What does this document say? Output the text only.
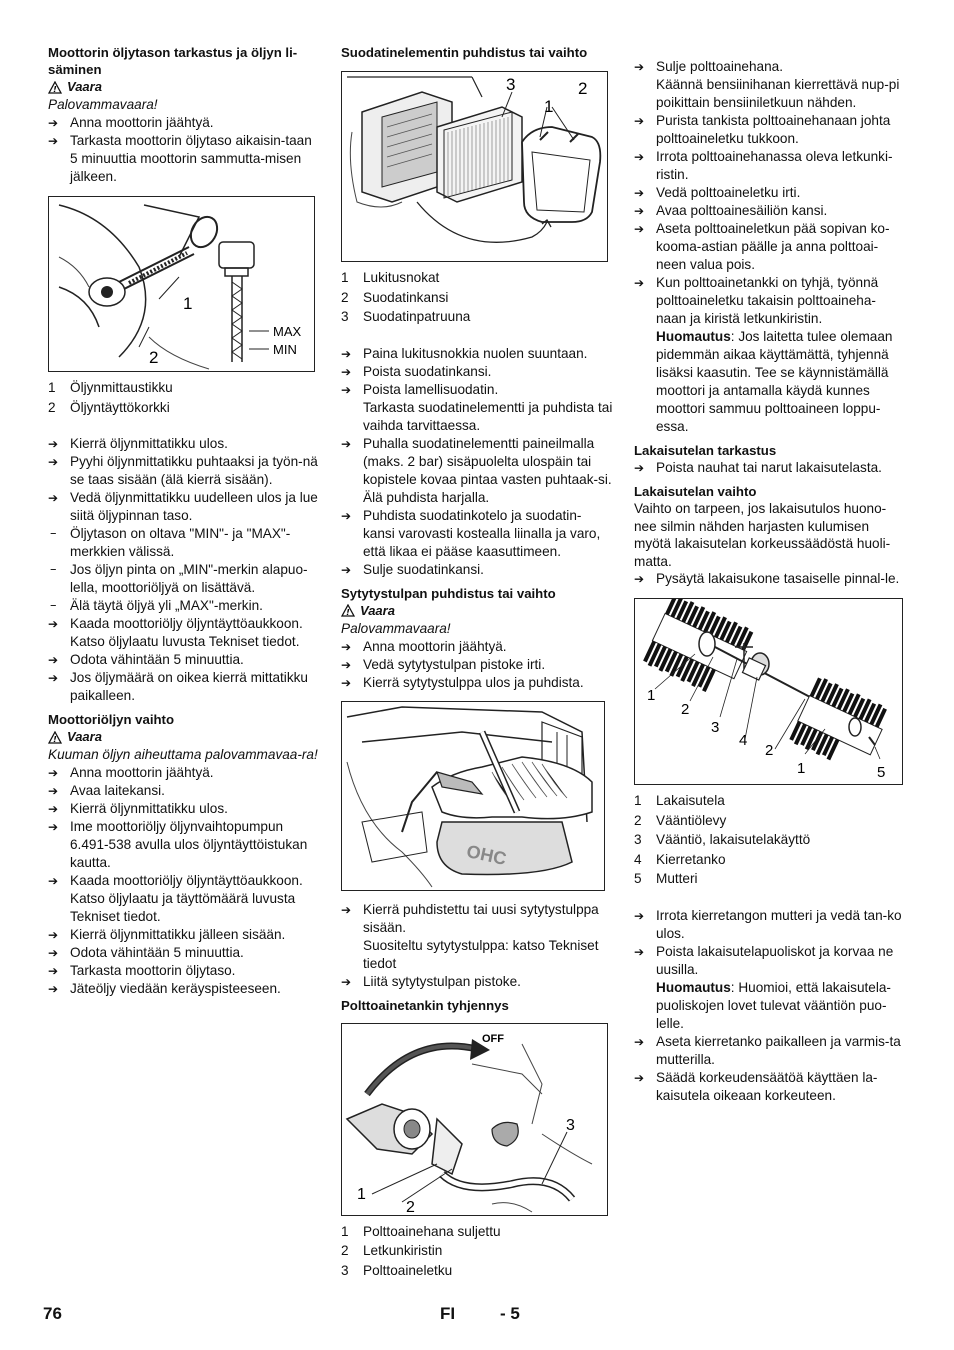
Moottorin öljytason tarkastus ja öljyn li-säminen

! Vaara
Palovammavaara!
➔ Anna moottorin jäähtyä.
➔ Tarkasta moottorin öljytaso aikaisin-taan 5 minuuttia moottorin sammutta-misen jälkeen.
MAX
MIN
1
2
1	Öljynmittaustikku
2	Öljyntäyttökorkki
➔ Kierrä öljynmittatikku ulos.
➔ Pyyhi öljynmittatikku puhtaaksi ja työn-nä se taas sisään (älä kierrä sisään).
➔ Vedä öljynmittatikku uudelleen ulos ja lue siitä öljypinnan taso.
– Öljytason on oltava "MIN"- ja "MAX"-merkkien välissä.
– Jos öljyn pinta on „MIN"-merkin alapuo-lella, moottoriöljyä on lisättävä.
– Älä täytä öljyä yli „MAX"-merkin.
➔ Kaada moottoriöljy öljyntäyttöaukkoon. Katso öljylaatu luvusta Tekniset tiedot.
➔ Odota vähintään 5 minuuttia.
➔ Jos öljymäärä on oikea kierrä mittatikku paikalleen.

Moottoriöljyn vaihto

! Vaara
Kuuman öljyn aiheuttama palovammavaa-ra!
➔ Anna moottorin jäähtyä.
➔ Avaa laitekansi.
➔ Kierrä öljynmittatikku ulos.
➔ Ime moottoriöljy öljynvaihtopumpun 6.491-538 avulla ulos öljyntäyttöistukan kautta.
➔ Kaada moottoriöljy öljyntäyttöaukkoon. Katso öljylaatu ja täyttömäärä luvusta Tekniset tiedot.
➔ Kierrä öljynmittatikku jälleen sisään.
➔ Odota vähintään 5 minuuttia.
➔ Tarkasta moottorin öljytaso.
➔ Jäteöljy viedään keräyspisteeseen.

Suodatinelementin puhdistus tai vaihto

3	2
1
1	Lukitusnokat
2	Suodatinkansi
3	Suodatinpatruuna
➔ Paina lukitusnokkia nuolen suuntaan.
➔ Poista suodatinkansi.
➔ Poista lamellisuodatin.
Tarkasta suodatinelementti ja puhdista tai vaihda tarvittaessa.
➔ Puhalla suodatinelementti paineilmalla (maks. 2 bar) sisäpuolelta ulospäin tai kopistele kovaa pintaa vasten puhtaak-si. Älä puhdista harjalla.
➔ Puhdista suodatinkotelo ja suodatin-kansi varovasti kostealla liinalla ja varo, että likaa ei pääse kaasuttimeen.
➔ Sulje suodatinkansi.

Sytytystulpan puhdistus tai vaihto

! Vaara
Palovammavaara!
➔ Anna moottorin jäähtyä.
➔ Vedä sytytystulpan pistoke irti.
➔ Kierrä sytytystulppa ulos ja puhdista.
OHC
➔ Kierrä puhdistettu tai uusi sytytystulppa sisään.
Suositeltu sytytystulppa: katso Tekniset tiedot
➔ Liitä sytytystulpan pistoke.

Polttoainetankin tyhjennys

OFF
1
2
3
1	Polttoainehana suljettu
2	Letkunkiristin
3	Polttoaineletku
➔ Sulje polttoainehana.
Käännä bensiinihanan kierrettävä nup-pi poikittain bensiiniletkuun nähden.
➔ Purista tankista polttoainehanaan johta polttoaineletku tukkoon.
➔ Irrota polttoainehanassa oleva letkunki-ristin.
➔ Vedä polttoaineletku irti.
➔ Avaa polttoainesäiliön kansi.
➔ Aseta polttoaineletkun pää sopivan ko-kooma-astian päälle ja anna polttoai-neen valua pois.
➔ Kun polttoainetankki on tyhjä, työnnä polttoaineletku takaisin polttoaineha-naan ja kiristä letkunkiristin.
Huomautus: Jos laitetta tulee olemaan pidemmän aikaa käyttämättä, tyhjennä lisäksi kaasutin. Tee se käynnistämällä moottori ja antamalla käydä kunnes moottori sammuu polttoaineen loppu-essa.

Lakaisutelan tarkastus

➔ Poista nauhat tai narut lakaisutelasta.

Lakaisutelan vaihto

Vaihto on tarpeen, jos lakaisutulos huono-nee silmin nähden harjasten kulumisen myötä lakaisutelan korkeussäädöstä huoli-matta.
➔ Pysäytä lakaisukone tasaiselle pinnal-le.
1
2
3
4
2
1	5
1	Lakaisutela
2	Vääntiölevy
3	Vääntiö, lakaisutelakäyttö
4	Kierretanko
5	Mutteri
➔ Irrota kierretangon mutteri ja vedä tan-ko ulos.
➔ Poista lakaisutelapuoliskot ja korvaa ne uusilla.
Huomautus: Huomioi, että lakaisutela-puoliskojen lovet tulevat vääntiön puo-lelle.
➔ Aseta kierretanko paikalleen ja varmis-ta mutterilla.
➔ Säädä korkeudensäätöä käyttäen la-kaisutela oikeaan korkeuteen.
76	FI	- 5
